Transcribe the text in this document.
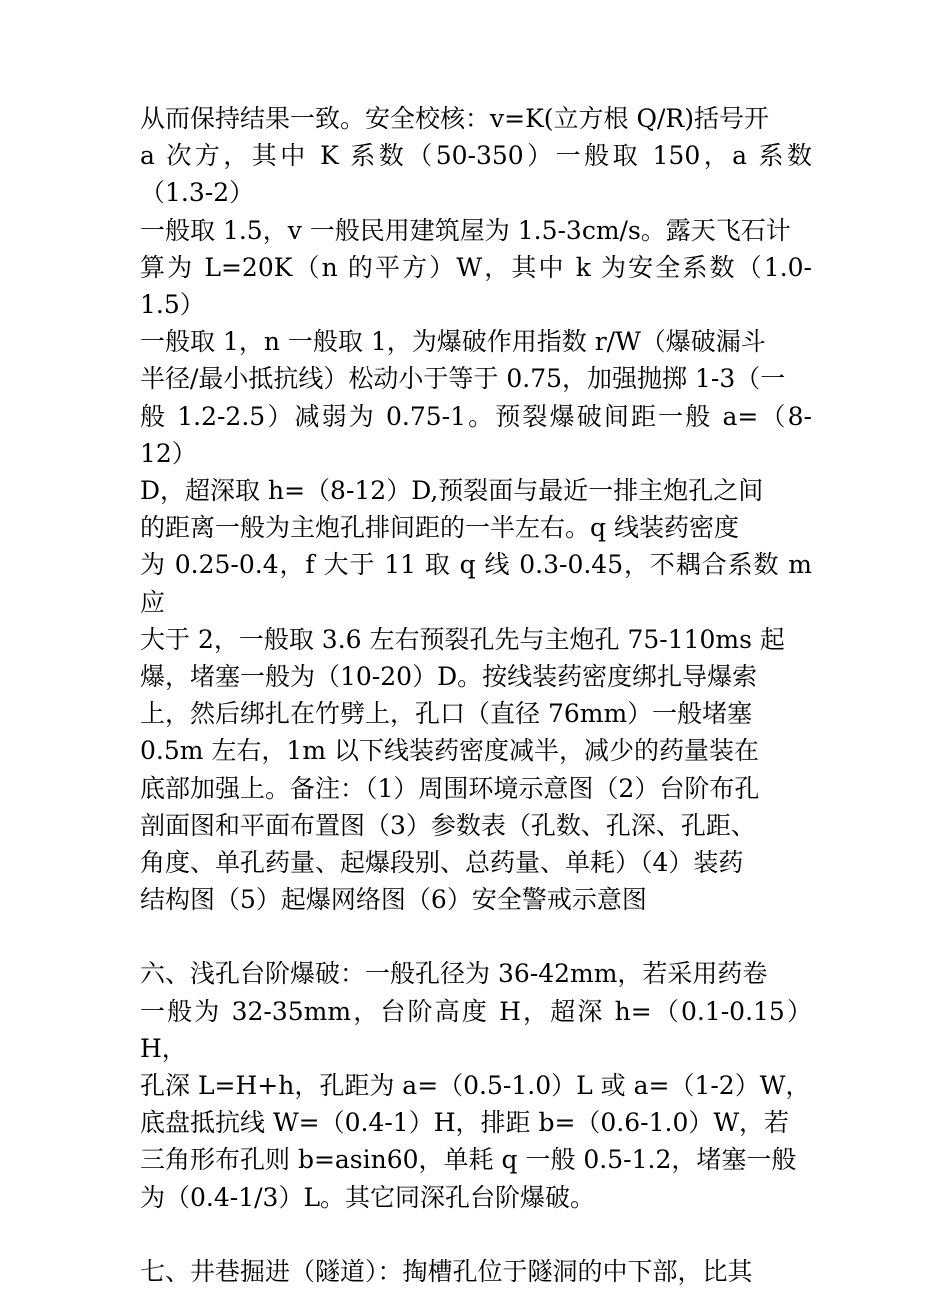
从而保持结果一致。安全校核：v=K(立方根 Q/R)括号开
a 次方，其中 K 系数（50-350）一般取 150，a 系数（1.3-2）
一般取 1.5，v 一般民用建筑屋为 1.5-3cm/s。露天飞石计
算为 L=20K（n 的平方）W，其中 k 为安全系数（1.0-1.5）
一般取 1，n 一般取 1，为爆破作用指数 r/W（爆破漏斗
半径/最小抵抗线）松动小于等于 0.75，加强抛掷 1-3（一
般 1.2-2.5）减弱为 0.75-1。预裂爆破间距一般 a=（8-12）
D，超深取 h=（8-12）D,预裂面与最近一排主炮孔之间
的距离一般为主炮孔排间距的一半左右。q 线装药密度
为 0.25-0.4，f 大于 11 取 q 线 0.3-0.45，不耦合系数 m 应
大于 2，一般取 3.6 左右预裂孔先与主炮孔 75-110ms 起
爆，堵塞一般为（10-20）D。按线装药密度绑扎导爆索
上，然后绑扎在竹劈上，孔口（直径 76mm）一般堵塞
0.5m 左右，1m 以下线装药密度减半，减少的药量装在
底部加强上。备注：（1）周围环境示意图（2）台阶布孔
剖面图和平面布置图（3）参数表（孔数、孔深、孔距、
角度、单孔药量、起爆段别、总药量、单耗）（4）装药
结构图（5）起爆网络图（6）安全警戒示意图

六、浅孔台阶爆破：一般孔径为 36-42mm，若采用药卷
一般为 32-35mm，台阶高度 H，超深 h=（0.1-0.15）H，
孔深 L=H+h，孔距为 a=（0.5-1.0）L 或 a=（1-2）W，
底盘抵抗线 W=（0.4-1）H，排距 b=（0.6-1.0）W，若
三角形布孔则 b=asin60，单耗 q 一般 0.5-1.2，堵塞一般
为（0.4-1/3）L。其它同深孔台阶爆破。

七、井巷掘进（隧道）：掏槽孔位于隧洞的中下部，比其
